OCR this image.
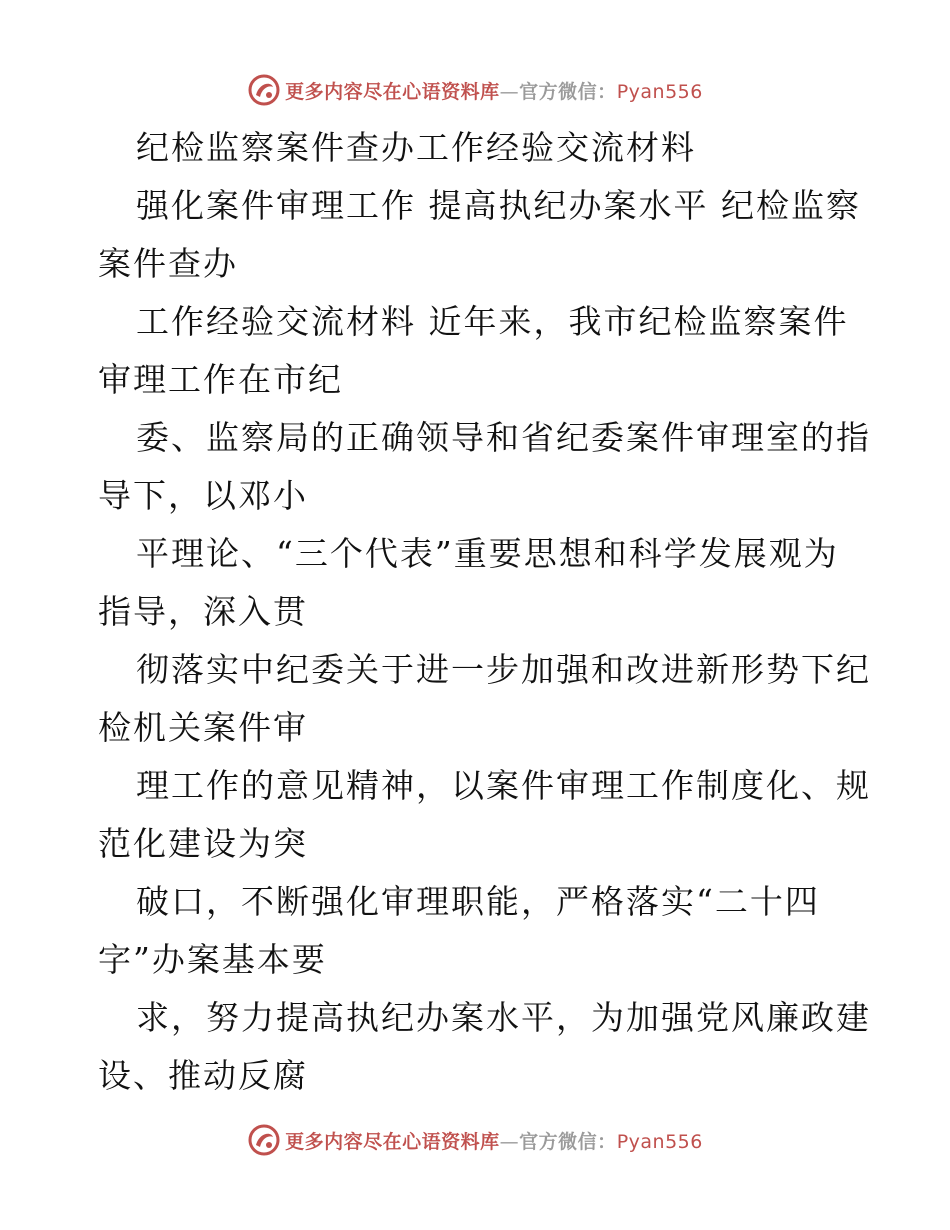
更多内容尽在心语资料库—官方微信：Pyan556
纪检监察案件查办工作经验交流材料
强化案件审理工作 提高执纪办案水平 纪检监察
案件查办
工作经验交流材料 近年来，我市纪检监察案件
审理工作在市纪
委、监察局的正确领导和省纪委案件审理室的指
导下，以邓小
平理论、“三个代表”重要思想和科学发展观为
指导，深入贯
彻落实中纪委关于进一步加强和改进新形势下纪
检机关案件审
理工作的意见精神，以案件审理工作制度化、规
范化建设为突
破口，不断强化审理职能，严格落实“二十四
字”办案基本要
求，努力提高执纪办案水平，为加强党风廉政建
设、推动反腐
更多内容尽在心语资料库—官方微信：Pyan556
